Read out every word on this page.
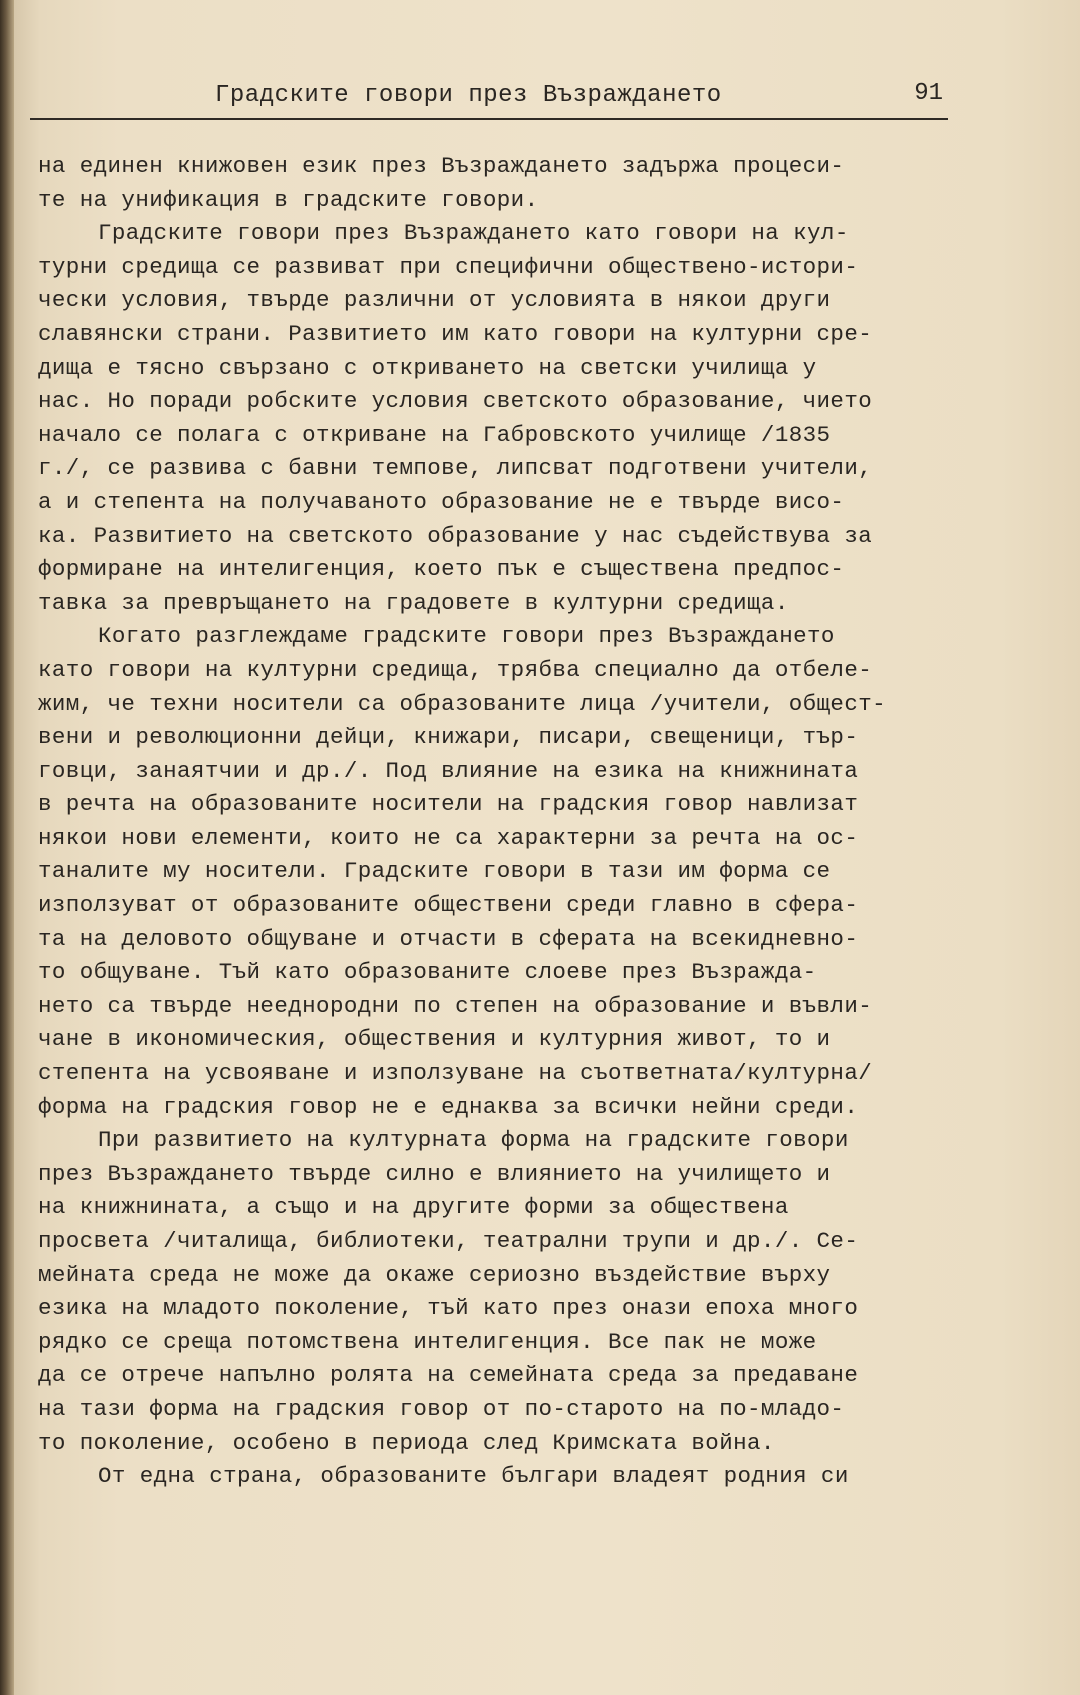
Градските говори през Възраждането	91
на единен книжовен език през Възраждането задържа процеси-
те на унификация в градските говори.
Градските говори през Възраждането като говори на кул-
турни средища се развиват при специфични обществено-истори-
чески условия, твърде различни от условията в някои други
славянски страни. Развитието им като говори на културни сре-
дища е тясно свързано с откриването на светски училища у
нас. Но поради робските условия светското образование, чието
начало се полага с откриване на Габровското училище /1835
г./, се развива с бавни темпове, липсват подготвени учители,
а и степента на получаваното образование не е твърде висо-
ка. Развитието на светското образование у нас съдействува за
формиране на интелигенция, което пък е съществена предпос-
тавка за превръщането на градовете в културни средища.
Когато разглеждаме градските говори през Възраждането
като говори на културни средища, трябва специално да отбеле-
жим, че техни носители са образованите лица /учители, общест-
вени и революционни дейци, книжари, писари, свещеници, тър-
говци, занаятчии и др./. Под влияние на езика на книжнината
в речта на образованите носители на градския говор навлизат
някои нови елементи, които не са характерни за речта на ос-
таналите му носители. Градските говори в тази им форма се
използуват от образованите обществени среди главно в сфера-
та на деловото общуване и отчасти в сферата на всекидневно-
то общуване. Тъй като образованите слоеве през Възражда-
нето са твърде нееднородни по степен на образование и въвли-
чане в икономическия, обществения и културния живот, то и
степента на усвояване и използуване на съответната/културна/
форма на градския говор не е еднаква за всички нейни среди.
При развитието на културната форма на градските говори
през Възраждането твърде силно е влиянието на училището и
на книжнината, а също и на другите форми за обществена
просвета /читалища, библиотеки, театрални трупи и др./. Се-
мейната среда не може да окаже сериозно въздействие върху
езика на младото поколение, тъй като през онази епоха много
рядко се среща потомствена интелигенция. Все пак не може
да се отрече напълно ролята на семейната среда за предаване
на тази форма на градския говор от по-старото на по-младо-
то поколение, особено в периода след Кримската война.
От една страна, образованите българи владеят родния си
